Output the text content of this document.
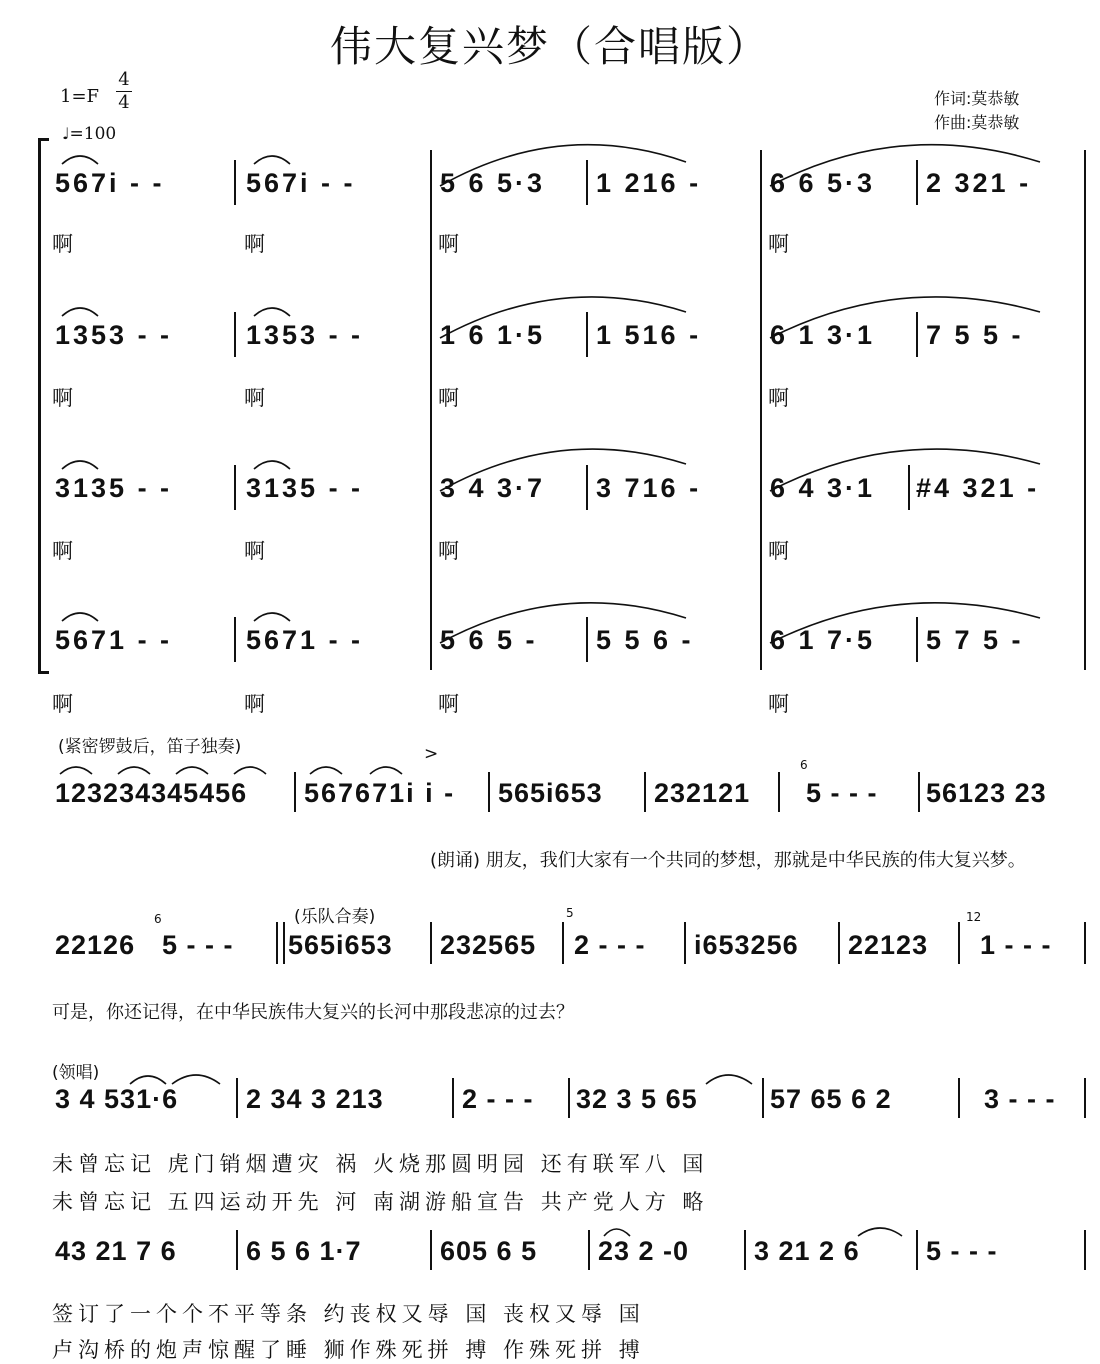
伟大复兴梦（合唱版）
1=F
4
4
♩=100
作词:莫恭敏
作曲:莫恭敏
567i - -	567i - -	5 6 5·3 1 216 -	6 6 5·3 2 321 -
啊	啊	啊	啊
1353 - -	1353 - -	1 6 1·5 1 516 -	6 1 3·1 7 5 5 -
啊	啊	啊	啊
3135 - -	3135 - -	3 4 3·7 3 716 -	6 4 3·1 #4 321 -
啊	啊	啊	啊
5671 - -	5671 - -	5 6 5 - 5 5 6 -	6 1 7·5 5 7 5 -
啊	啊	啊	啊
(紧密锣鼓后，笛子独奏)	>
123234345456 567671i i - 565i653 232121
6
5 - - - 56123 23
(朗诵) 朋友，我们大家有一个共同的梦想，那就是中华民族的伟大复兴梦。
(乐队合奏)
22126
6
5 - - - 565i653 232565
5
2 - - - i653256 22123
12
1 - - -
可是，你还记得，在中华民族伟大复兴的长河中那段悲凉的过去？
(领唱)
3 4 531·6	2 34 3 213	2 - - - 32 3 5 65	57 65 6 2	3 - - -
未曾忘记 虎门销烟遭灾 祸 火烧那圆明园 还有联军八 国
未曾忘记 五四运动开先 河 南湖游船宣告 共产党人方 略
43 21 7 6	6 5 6 1·7	605 6 5 23 2 -0 3 21 2 6 5 - - -
签订了一个个不平等条 约丧权又辱 国 丧权又辱 国
卢沟桥的炮声惊醒了睡 狮作殊死拼 搏 作殊死拼 搏
